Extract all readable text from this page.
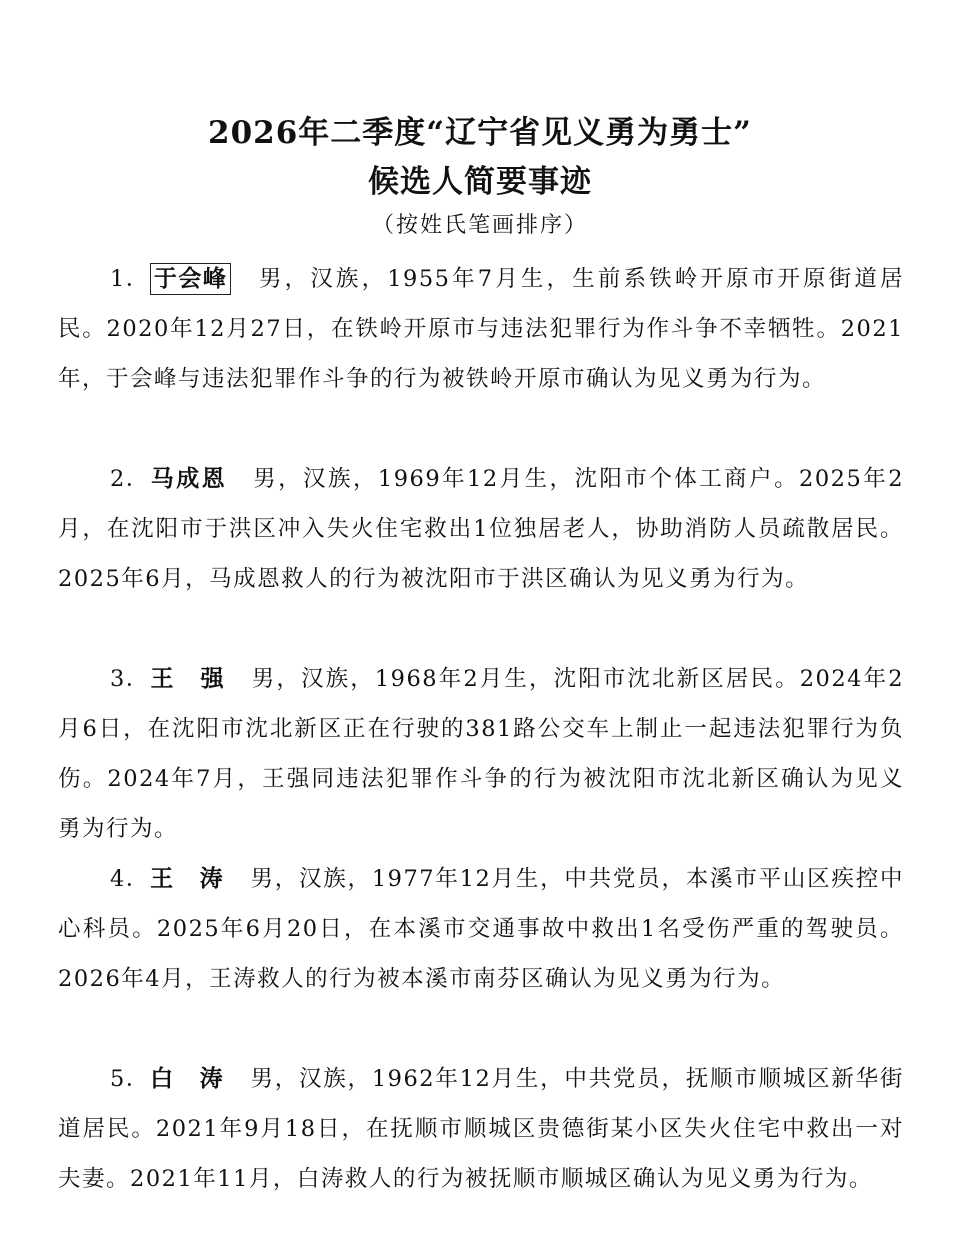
2026年二季度“辽宁省见义勇为勇士”
候选人简要事迹
（按姓氏笔画排序）
1． 于会峰 男，汉族，1955年7月生，生前系铁岭开原市开原街道居民。2020年12月27日，在铁岭开原市与违法犯罪行为作斗争不幸牺牲。2021年，于会峰与违法犯罪作斗争的行为被铁岭开原市确认为见义勇为行为。
2．马成恩 男，汉族，1969年12月生，沈阳市个体工商户。2025年2月，在沈阳市于洪区冲入失火住宅救出1位独居老人，协助消防人员疏散居民。2025年6月，马成恩救人的行为被沈阳市于洪区确认为见义勇为行为。
3．王　强 男，汉族，1968年2月生，沈阳市沈北新区居民。2024年2月6日，在沈阳市沈北新区正在行驶的381路公交车上制止一起违法犯罪行为负伤。2024年7月，王强同违法犯罪作斗争的行为被沈阳市沈北新区确认为见义勇为行为。
4．王　涛 男，汉族，1977年12月生，中共党员，本溪市平山区疾控中心科员。2025年6月20日，在本溪市交通事故中救出1名受伤严重的驾驶员。2026年4月，王涛救人的行为被本溪市南芬区确认为见义勇为行为。
5．白　涛 男，汉族，1962年12月生，中共党员，抚顺市顺城区新华街道居民。2021年9月18日，在抚顺市顺城区贵德街某小区失火住宅中救出一对夫妻。2021年11月，白涛救人的行为被抚顺市顺城区确认为见义勇为行为。
